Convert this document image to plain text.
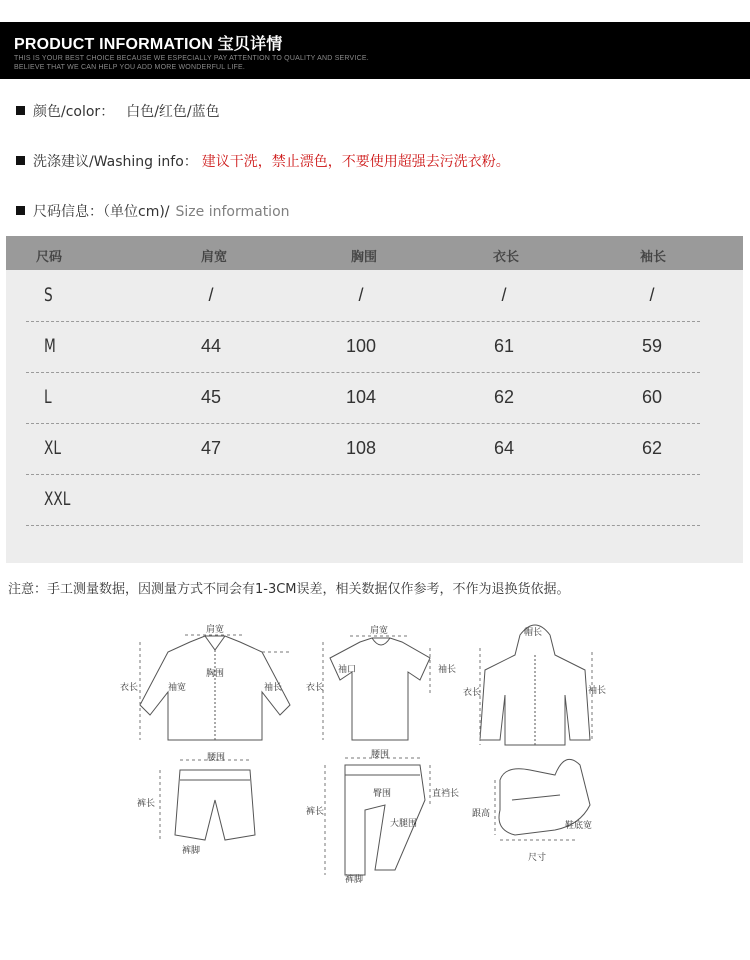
PRODUCT INFORMATION 宝贝详情
THIS IS YOUR BEST CHOICE BECAUSE WE ESPECIALLY PAY ATTENTION TO QUALITY AND SERVICE.
BELIEVE THAT WE CAN HELP YOU ADD MORE WONDERFUL LIFE.
颜色/color： 白色/红色/蓝色
洗涤建议/Washing info： 建议干洗，禁止漂色，不要使用超强去污洗衣粉。
尺码信息：（单位cm)/ Size information
尺码	肩宽	胸围	衣长	袖长
S	/	/	/	/
M	44	100	61	59
L	45	104	62	60
XL	47	108	64	62
XXL
注意：手工测量数据，因测量方式不同会有1-3CM误差，相关数据仅作参考，不作为退换货依据。
肩宽
衣长	袖宽
胸围
袖长
肩宽
袖口	袖长
衣长
帽长
衣长	袖长
腰围
裤长
裤脚
腰围
裤长
臀围	直裆长
大腿围
裤脚
跟高
鞋底宽
尺寸
